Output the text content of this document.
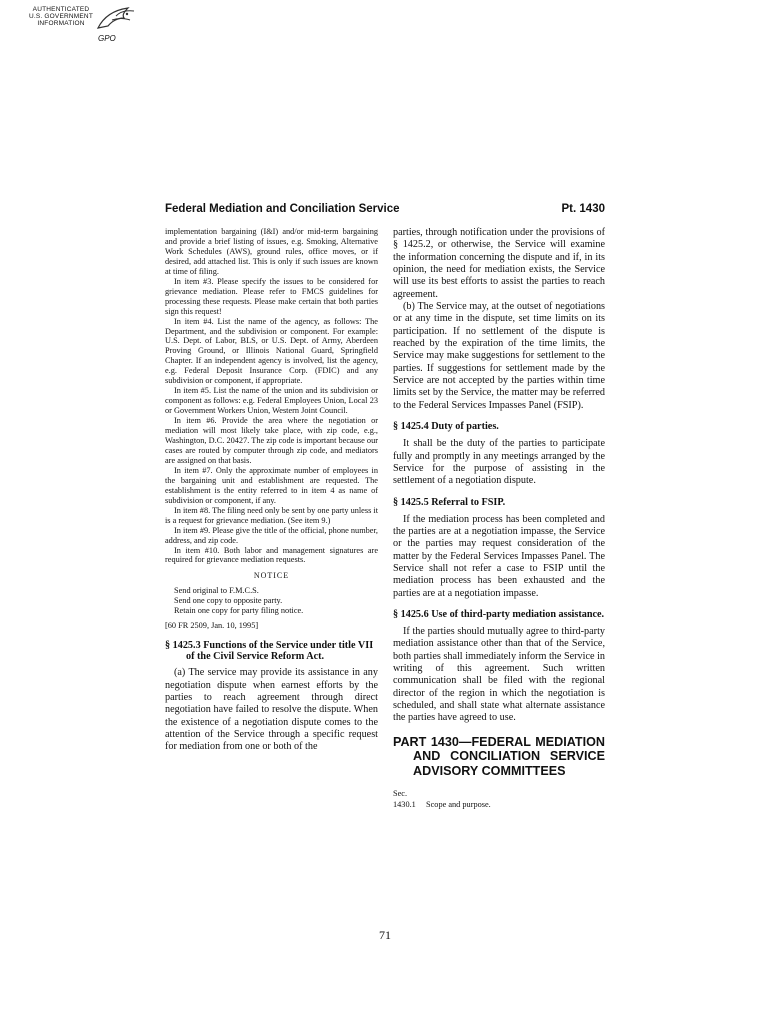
AUTHENTICATED
U.S. GOVERNMENT
INFORMATION
GPO
Federal Mediation and Conciliation Service	Pt. 1430

implementation bargaining (I&I) and/or mid-term bargaining and provide a brief listing of issues, e.g. Smoking, Alternative Work Schedules (AWS), ground rules, office moves, or if desired, add attached list. This is only if such issues are known at time of filing.

In item #3. Please specify the issues to be considered for grievance mediation. Please refer to FMCS guidelines for processing these requests. Please make certain that both parties sign this request!

In item #4. List the name of the agency, as follows: The Department, and the subdivision or component. For example: U.S. Dept. of Labor, BLS, or U.S. Dept. of Army, Aberdeen Proving Ground, or Illinois National Guard, Springfield Chapter. If an independent agency is involved, list the agency, e.g. Federal Deposit Insurance Corp. (FDIC) and any subdivision or component, if appropriate.

In item #5. List the name of the union and its subdivision or component as follows: e.g. Federal Employees Union, Local 23 or Government Workers Union, Western Joint Council.

In item #6. Provide the area where the negotiation or mediation will most likely take place, with zip code, e.g., Washington, D.C. 20427. The zip code is important because our cases are routed by computer through zip code, and mediators are assigned on that basis.

In item #7. Only the approximate number of employees in the bargaining unit and establishment are requested. The establishment is the entity referred to in item 4 as name of subdivision or component, if any.

In item #8. The filing need only be sent by one party unless it is a request for grievance mediation. (See item 9.)

In item #9. Please give the title of the official, phone number, address, and zip code.

In item #10. Both labor and management signatures are required for grievance mediation requests.

NOTICE

Send original to F.M.C.S.

Send one copy to opposite party.

Retain one copy for party filing notice.

[60 FR 2509, Jan. 10, 1995]

§ 1425.3 Functions of the Service under title VII of the Civil Service Reform Act.

(a) The service may provide its assistance in any negotiation dispute when earnest efforts by the parties to reach agreement through direct negotiation have failed to resolve the dispute. When the existence of a negotiation dispute comes to the attention of the Service through a specific request for mediation from one or both of the

parties, through notification under the provisions of § 1425.2, or otherwise, the Service will examine the information concerning the dispute and if, in its opinion, the need for mediation exists, the Service will use its best efforts to assist the parties to reach agreement.

(b) The Service may, at the outset of negotiations or at any time in the dispute, set time limits on its participation. If no settlement of the dispute is reached by the expiration of the time limits, the Service may make suggestions for settlement to the parties. If suggestions for settlement made by the Service are not accepted by the parties within time limits set by the Service, the matter may be referred to the Federal Services Impasses Panel (FSIP).

§ 1425.4 Duty of parties.

It shall be the duty of the parties to participate fully and promptly in any meetings arranged by the Service for the purpose of assisting in the settlement of a negotiation dispute.

§ 1425.5 Referral to FSIP.

If the mediation process has been completed and the parties are at a negotiation impasse, the Service or the parties may request consideration of the matter by the Federal Services Impasses Panel. The Service shall not refer a case to FSIP until the mediation process has been exhausted and the parties are at a negotiation impasse.

§ 1425.6 Use of third-party mediation assistance.

If the parties should mutually agree to third-party mediation assistance other than that of the Service, both parties shall immediately inform the Service in writing of this agreement. Such written communication shall be filed with the regional director of the region in which the negotiation is scheduled, and shall state what alternate assistance the parties have agreed to use.

PART 1430—FEDERAL MEDIATION AND CONCILIATION SERVICE ADVISORY COMMITTEES
Sec.
1430.1 Scope and purpose.
71
